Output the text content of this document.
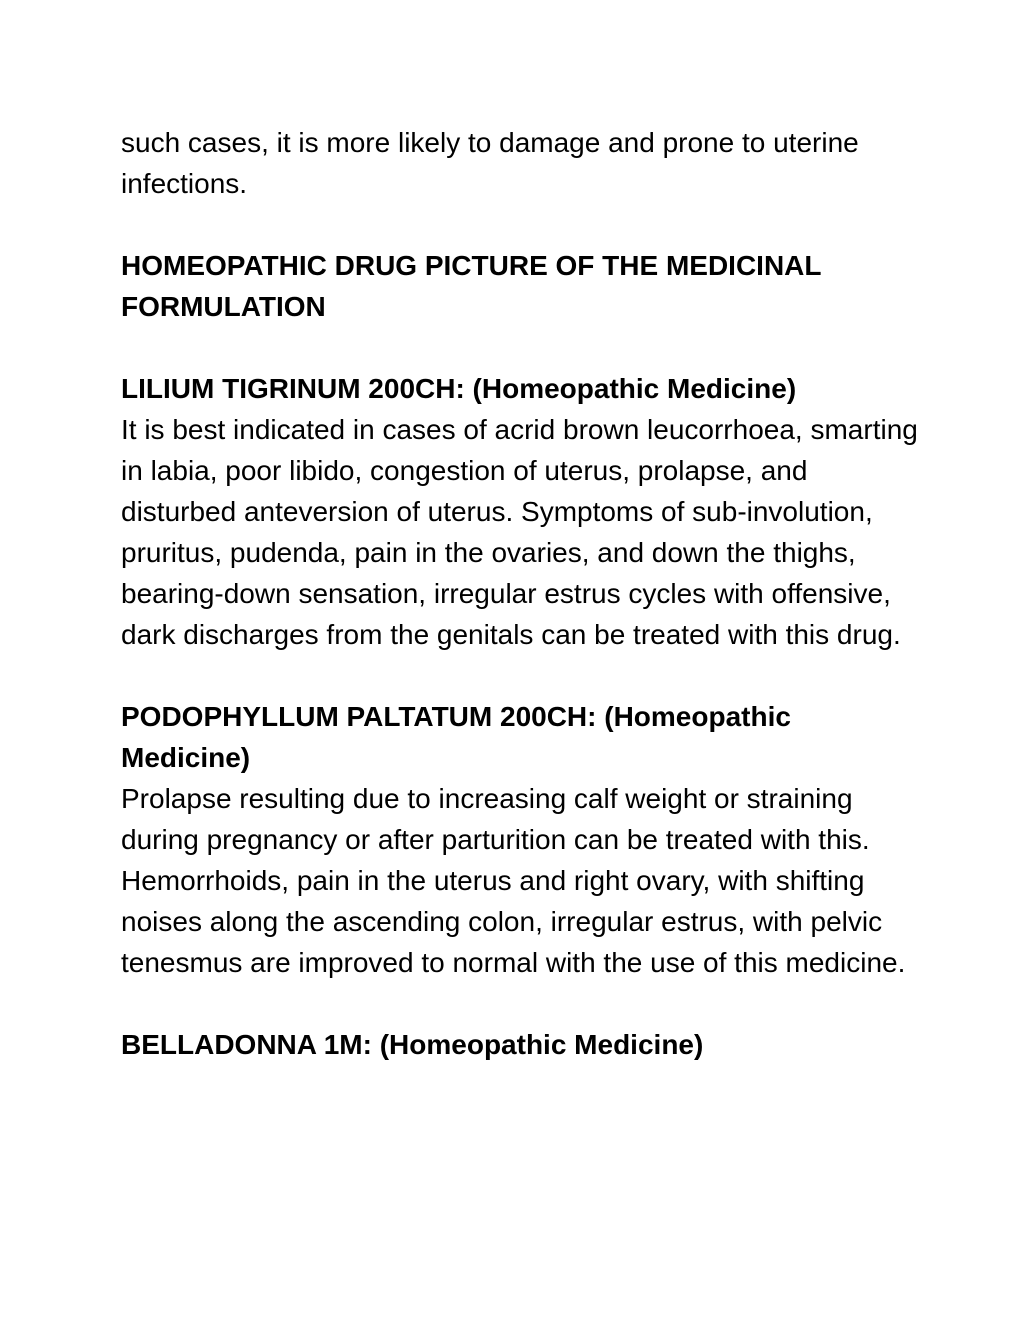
such cases, it is more likely to damage and prone to uterine infections.

HOMEOPATHIC DRUG PICTURE OF THE MEDICINAL FORMULATION

LILIUM TIGRINUM 200CH: (Homeopathic Medicine)

It is best indicated in cases of acrid brown leucorrhoea, smarting in labia, poor libido, congestion of uterus, prolapse, and disturbed anteversion of uterus. Symptoms of sub-involution, pruritus, pudenda, pain in the ovaries, and down the thighs, bearing-down sensation, irregular estrus cycles with offensive, dark discharges from the genitals can be treated with this drug.

PODOPHYLLUM PALTATUM 200CH: (Homeopathic Medicine)

Prolapse resulting due to increasing calf weight or straining during pregnancy or after parturition can be treated with this. Hemorrhoids, pain in the uterus and right ovary, with shifting noises along the ascending colon, irregular estrus, with pelvic tenesmus are improved to normal with the use of this medicine.

BELLADONNA 1M: (Homeopathic Medicine)
